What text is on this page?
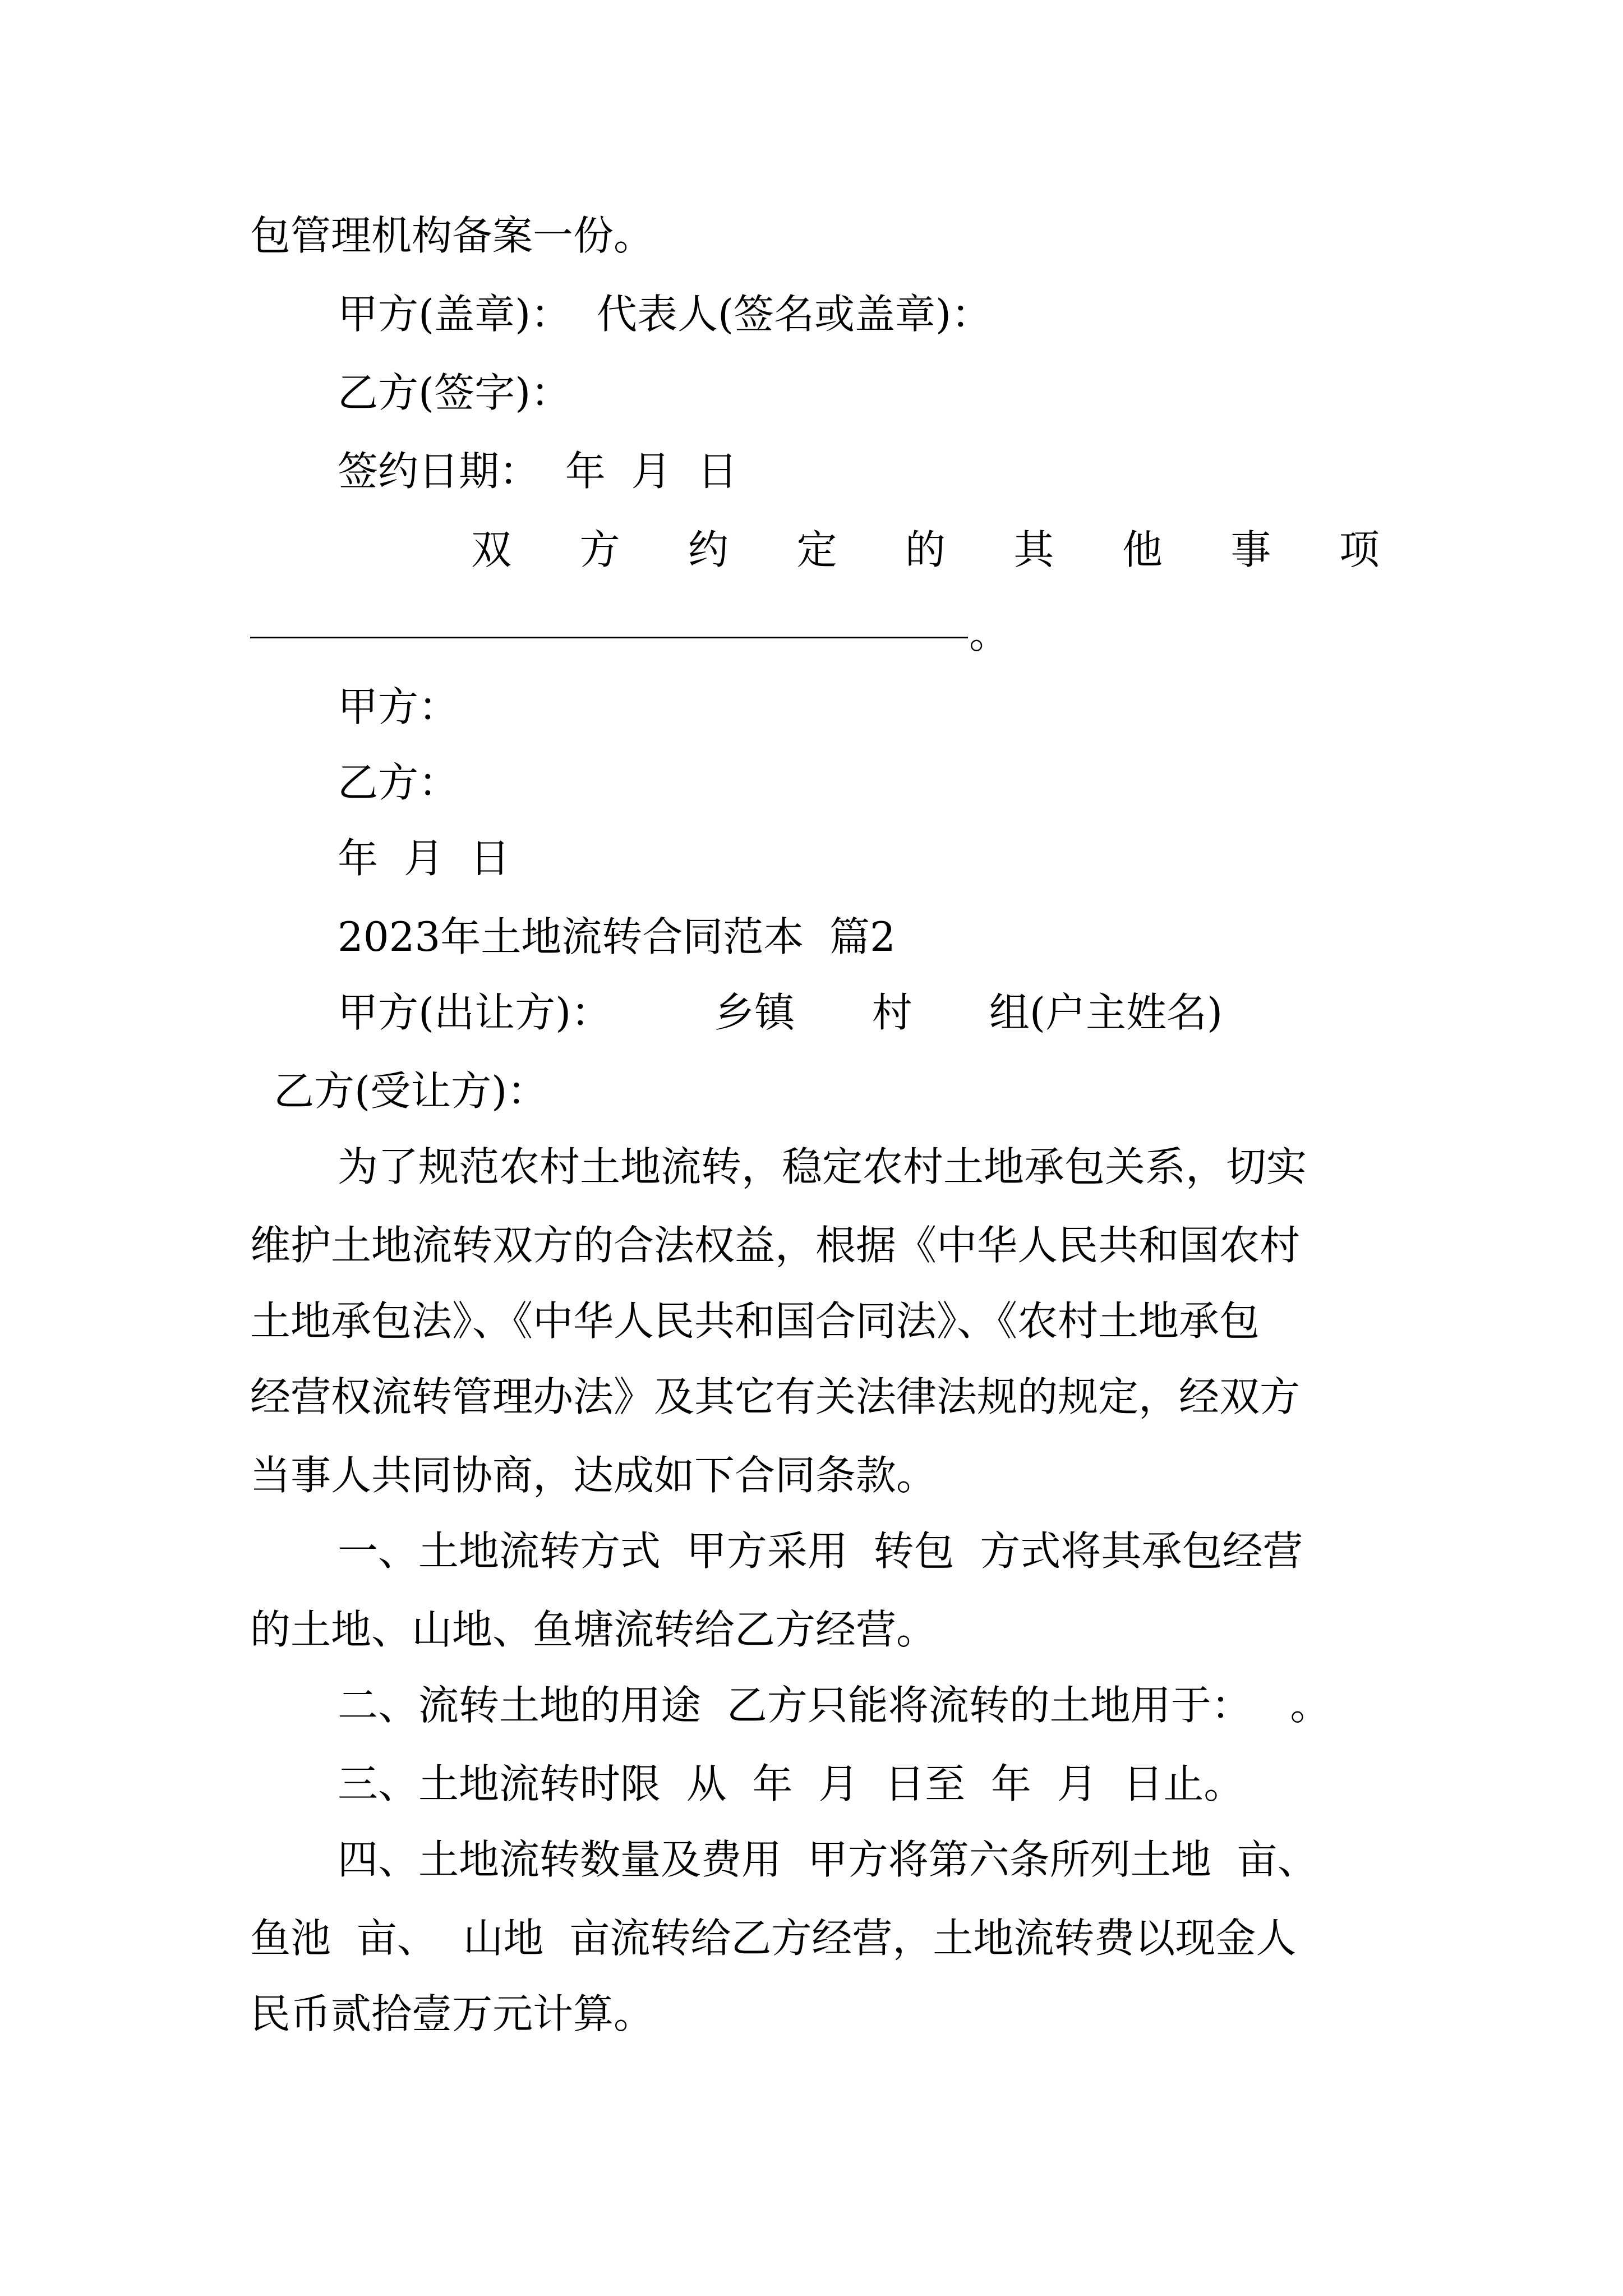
包管理机构备案一份。
甲方(盖章)：  代表人(签名或盖章)：
乙方(签字)：
签约日期：  年  月  日
双 方 约 定 的 其 他 事 项
。
甲方：
乙方：
年  月  日
2023年土地流转合同范本  篇2
甲方(出让方)：        乡镇      村      组(户主姓名)
乙方(受让方)：
为了规范农村土地流转，稳定农村土地承包关系，切实
维护土地流转双方的合法权益，根据《中华人民共和国农村
土地承包法》、《中华人民共和国合同法》、《农村土地承包
经营权流转管理办法》及其它有关法律法规的规定，经双方
当事人共同协商，达成如下合同条款。
一、土地流转方式  甲方采用  转包  方式将其承包经营
的土地、山地、鱼塘流转给乙方经营。
二、流转土地的用途  乙方只能将流转的土地用于：   。
三、土地流转时限  从  年  月  日至  年  月  日止。
四、土地流转数量及费用  甲方将第六条所列土地  亩、
鱼池  亩、  山地  亩流转给乙方经营，土地流转费以现金人
民币贰拾壹万元计算。
